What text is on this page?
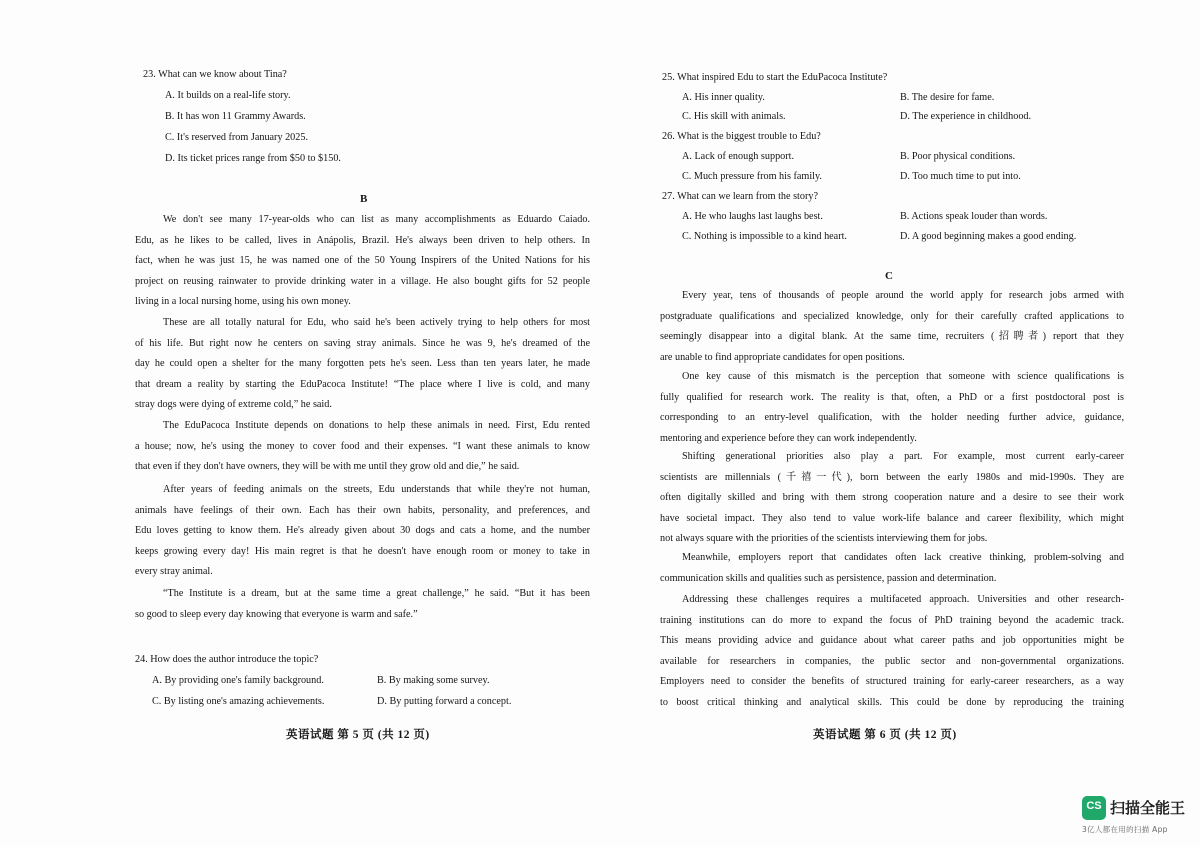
23. What can we know about Tina?
A. It builds on a real-life story.
B. It has won 11 Grammy Awards.
C. It's reserved from January 2025.
D. Its ticket prices range from $50 to $150.
B
We don't see many 17-year-olds who can list as many accomplishments as Eduardo Caiado.
Edu, as he likes to be called, lives in Anápolis, Brazil. He's always been driven to help others. In
fact, when he was just 15, he was named one of the 50 Young Inspirers of the United Nations for his
project on reusing rainwater to provide drinking water in a village. He also bought gifts for 52 people
living in a local nursing home, using his own money.
These are all totally natural for Edu, who said he's been actively trying to help others for most
of his life. But right now he centers on saving stray animals. Since he was 9, he's dreamed of the
day he could open a shelter for the many forgotten pets he's seen. Less than ten years later, he made
that dream a reality by starting the EduPacoca Institute! “The place where I live is cold, and many
stray dogs were dying of extreme cold,” he said.
The EduPacoca Institute depends on donations to help these animals in need. First, Edu rented
a house; now, he's using the money to cover food and their expenses. “I want these animals to know
that even if they don't have owners, they will be with me until they grow old and die,” he said.
After years of feeding animals on the streets, Edu understands that while they're not human,
animals have feelings of their own. Each has their own habits, personality, and preferences, and
Edu loves getting to know them. He's already given about 30 dogs and cats a home, and the number
keeps growing every day! His main regret is that he doesn't have enough room or money to take in
every stray animal.
“The Institute is a dream, but at the same time a great challenge,” he said. “But it has been
so good to sleep every day knowing that everyone is warm and safe.”
24. How does the author introduce the topic?
A. By providing one's family background.	B. By making some survey.
C. By listing one's amazing achievements.	D. By putting forward a concept.
英语试题 第 5 页 (共 12 页)
25. What inspired Edu to start the EduPacoca Institute?
A. His inner quality.	B. The desire for fame.
C. His skill with animals.	D. The experience in childhood.
26. What is the biggest trouble to Edu?
A. Lack of enough support.	B. Poor physical conditions.
C. Much pressure from his family.	D. Too much time to put into.
27. What can we learn from the story?
A. He who laughs last laughs best.	B. Actions speak louder than words.
C. Nothing is impossible to a kind heart.	D. A good beginning makes a good ending.
C
Every year, tens of thousands of people around the world apply for research jobs armed with
postgraduate qualifications and specialized knowledge, only for their carefully crafted applications to
seemingly disappear into a digital blank. At the same time, recruiters (招聘者) report that they
are unable to find appropriate candidates for open positions.
One key cause of this mismatch is the perception that someone with science qualifications is
fully qualified for research work. The reality is that, often, a PhD or a first postdoctoral post is
corresponding to an entry-level qualification, with the holder needing further advice, guidance,
mentoring and experience before they can work independently.
Shifting generational priorities also play a part. For example, most current early-career
scientists are millennials (千禧一代), born between the early 1980s and mid-1990s. They are
often digitally skilled and bring with them strong cooperation nature and a desire to see their work
have societal impact. They also tend to value work-life balance and career flexibility, which might
not always square with the priorities of the scientists interviewing them for jobs.
Meanwhile, employers report that candidates often lack creative thinking, problem-solving and
communication skills and qualities such as persistence, passion and determination.
Addressing these challenges requires a multifaceted approach. Universities and other research-
training institutions can do more to expand the focus of PhD training beyond the academic track.
This means providing advice and guidance about what career paths and job opportunities might be
available for researchers in companies, the public sector and non-governmental organizations.
Employers need to consider the benefits of structured training for early-career researchers, as a way
to boost critical thinking and analytical skills. This could be done by reproducing the training
英语试题 第 6 页 (共 12 页)
CS 扫描全能王
3亿人都在用的扫描 App
